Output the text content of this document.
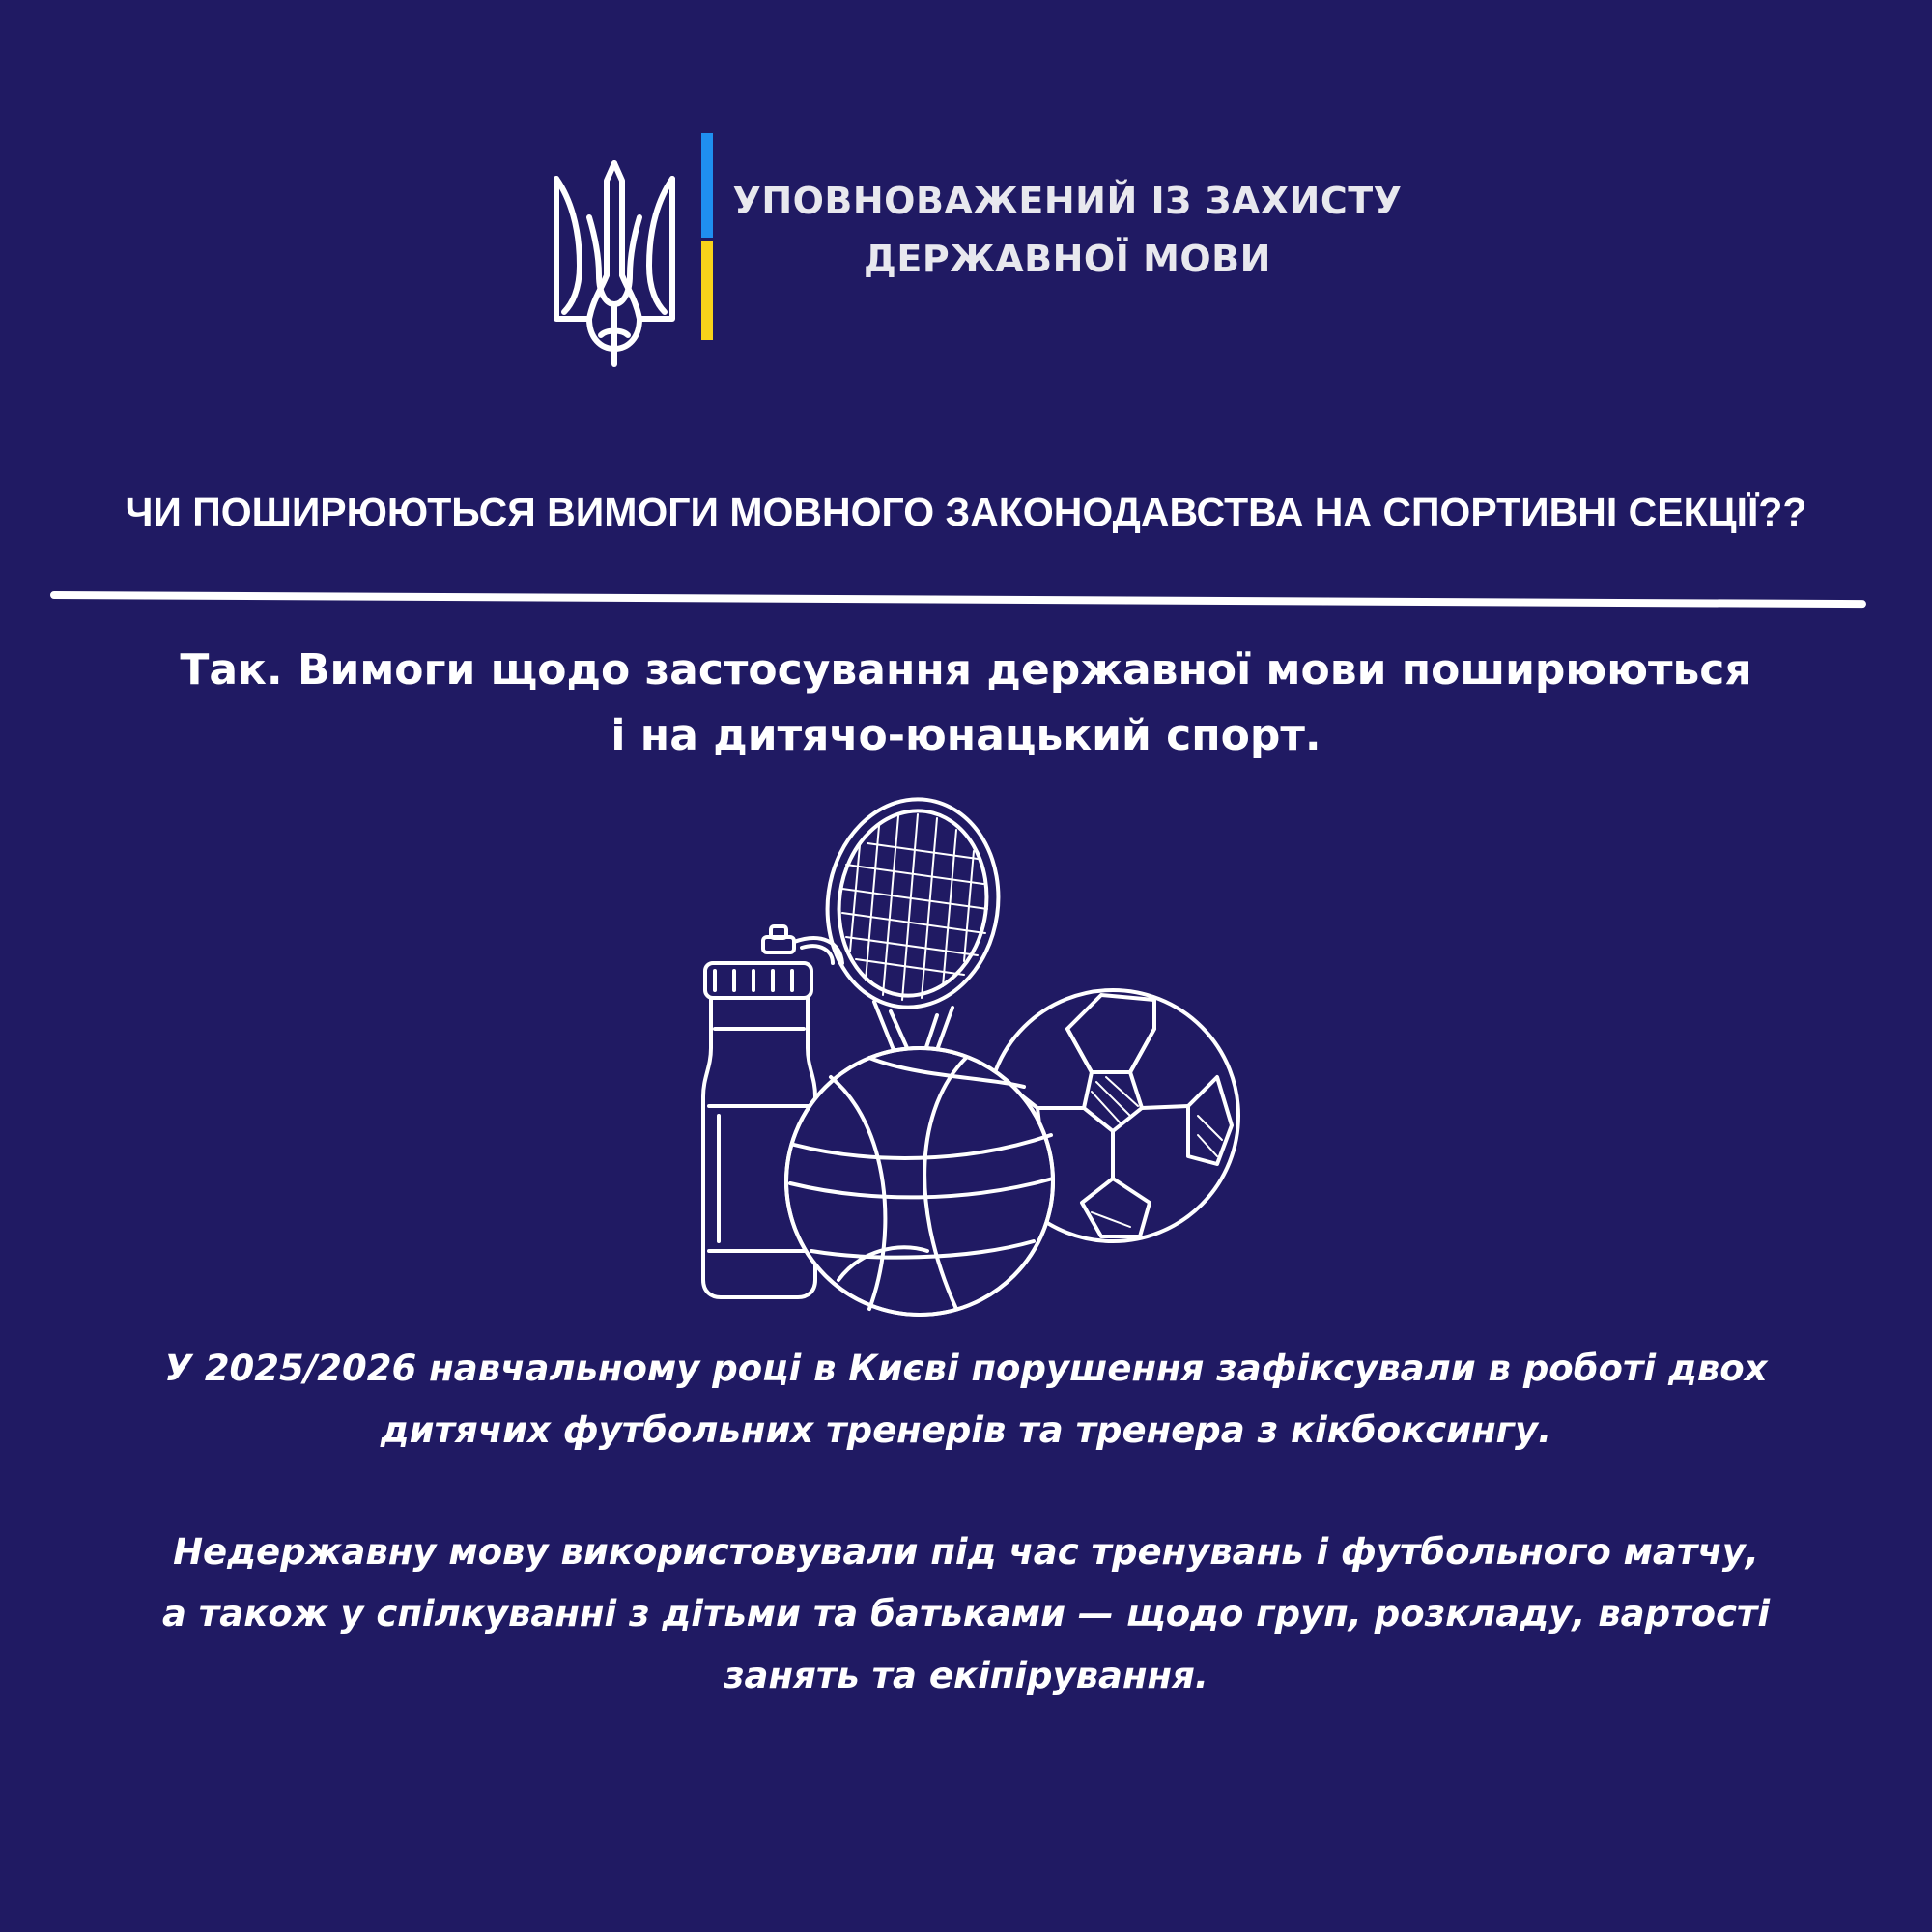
УПОВНОВАЖЕНИЙ ІЗ ЗАХИСТУ
ДЕРЖАВНОЇ МОВИ
ЧИ ПОШИРЮЮТЬСЯ ВИМОГИ МОВНОГО ЗАКОНОДАВСТВА НА СПОРТИВНІ СЕКЦІЇ??
Так. Вимоги щодо застосування державної мови поширюються
і на дитячо-юнацький спорт.
У 2025/2026 навчальному році в Києві порушення зафіксували в роботі двох
дитячих футбольних тренерів та тренера з кікбоксингу.
Недержавну мову використовували під час тренувань і футбольного матчу,
а також у спілкуванні з дітьми та батьками — щодо груп, розкладу, вартості
занять та екіпірування.
